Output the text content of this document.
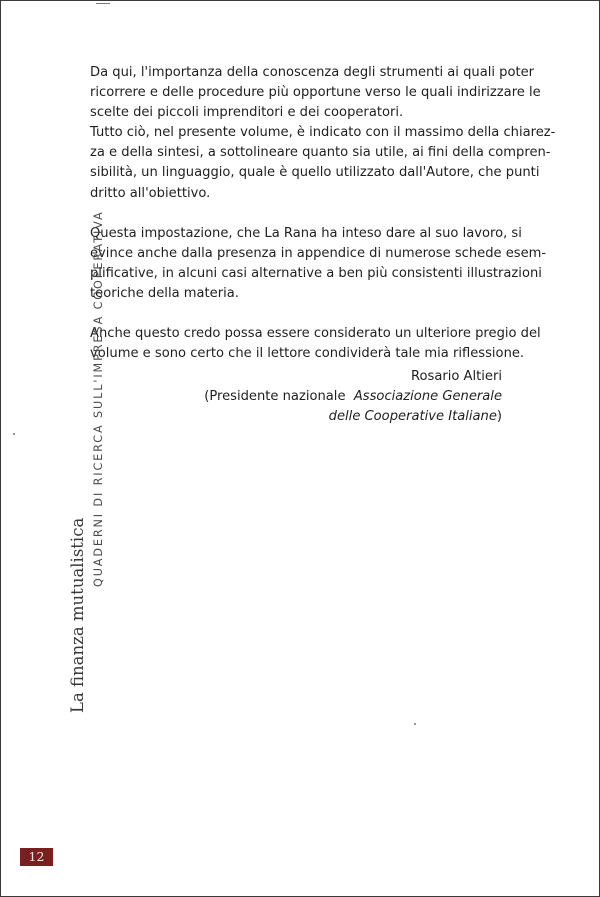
Da qui, l'importanza della conoscenza degli strumenti ai quali poter
ricorrere e delle procedure più opportune verso le quali indirizzare le
scelte dei piccoli imprenditori e dei cooperatori.

Tutto ciò, nel presente volume, è indicato con il massimo della chiarez-
za e della sintesi, a sottolineare quanto sia utile, ai fini della compren-
sibilità, un linguaggio, quale è quello utilizzato dall'Autore, che punti
dritto all'obiettivo.

Questa impostazione, che La Rana ha inteso dare al suo lavoro, si
evince anche dalla presenza in appendice di numerose schede esem-
plificative, in alcuni casi alternative a ben più consistenti illustrazioni
teoriche della materia.

Anche questo credo possa essere considerato un ulteriore pregio del
volume e sono certo che il lettore condividerà tale mia riflessione.

Rosario Altieri
(Presidente nazionale Associazione Generale
delle Cooperative Italiane)
La finanza mutualistica
QUADERNI DI RICERCA SULL'IMPRESA COOPERATIVA
12
